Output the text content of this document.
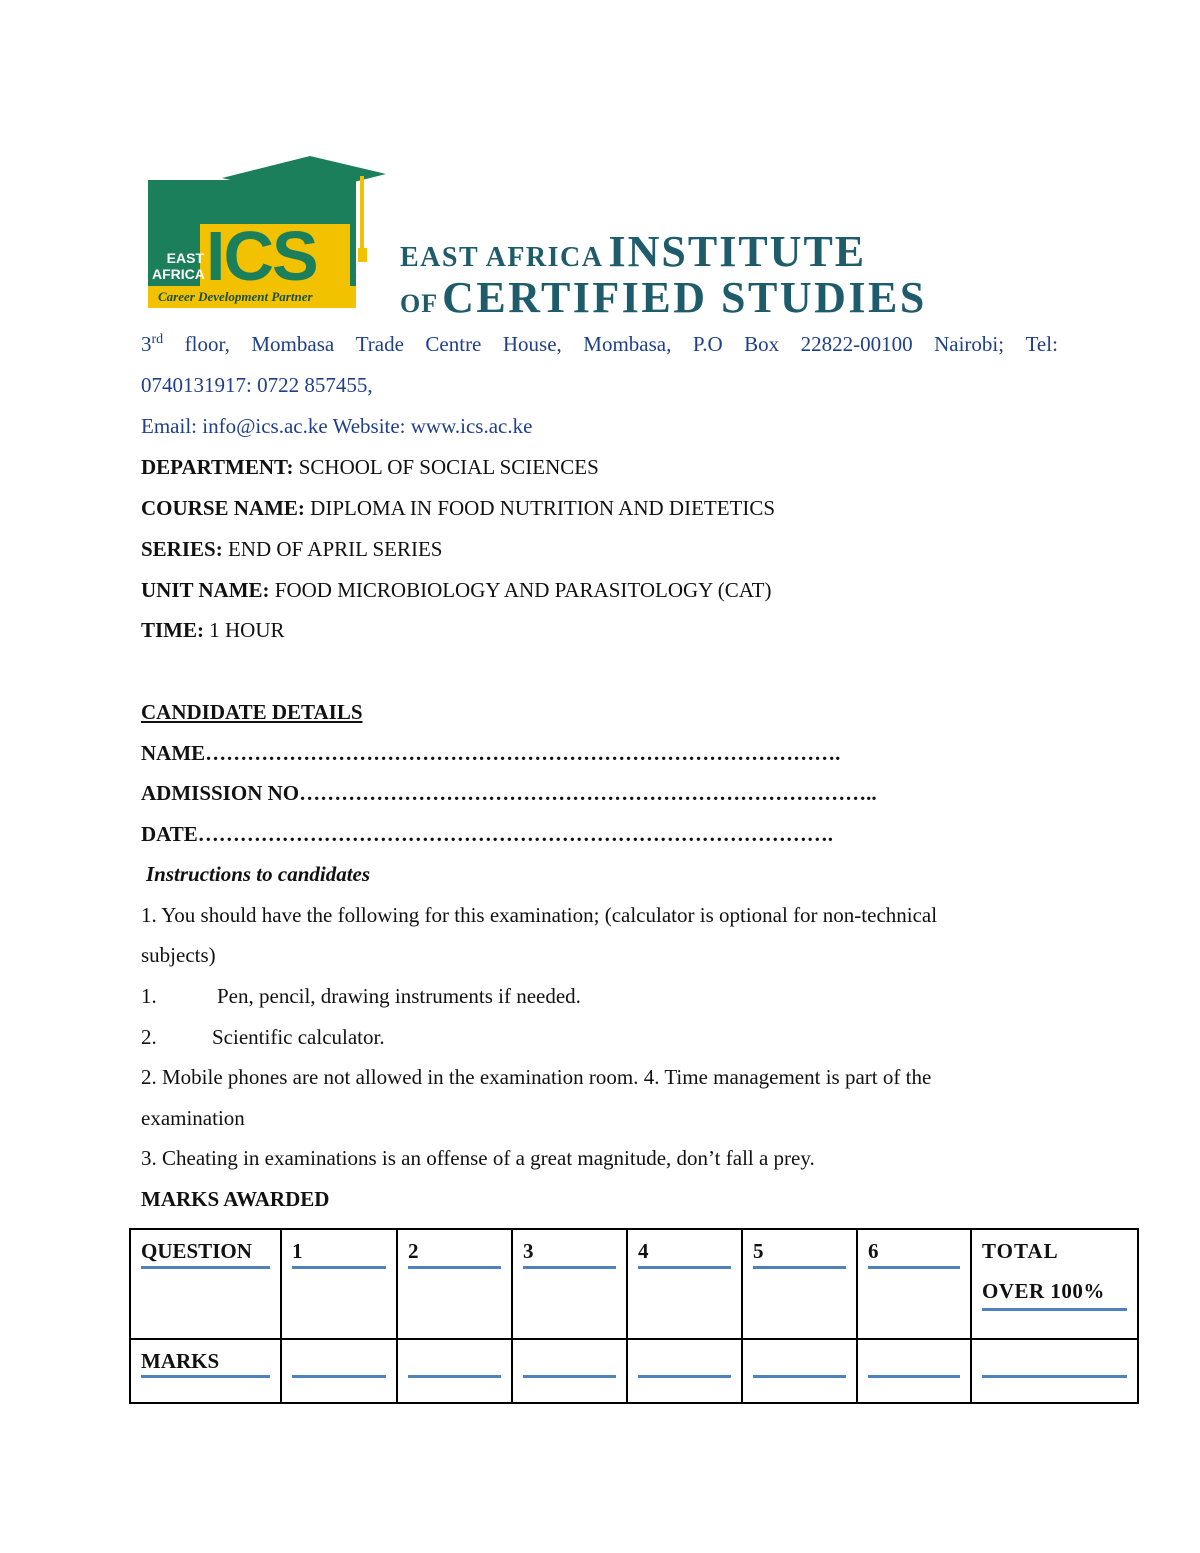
EAST
AFRICA ICS
Career Development Partner
EAST AFRICA INSTITUTE
OF CERTIFIED STUDIES
3rd floor, Mombasa Trade Centre House, Mombasa, P.O Box 22822-00100 Nairobi; Tel:
0740131917: 0722 857455,
Email: info@ics.ac.ke Website: www.ics.ac.ke
DEPARTMENT: SCHOOL OF SOCIAL SCIENCES
COURSE NAME: DIPLOMA IN FOOD NUTRITION AND DIETETICS
SERIES: END OF APRIL SERIES
UNIT NAME: FOOD MICROBIOLOGY AND PARASITOLOGY (CAT)
TIME: 1 HOUR
CANDIDATE DETAILS
NAME……………………………………………………………………………….
ADMISSION NO………………………………………………………………………..
DATE……………………………………………………………………………….
Instructions to candidates
1. You should have the following for this examination; (calculator is optional for non-technical
subjects)
1.	Pen, pencil, drawing instruments if needed.
2.	Scientific calculator.
2. Mobile phones are not allowed in the examination room. 4. Time management is part of the
examination
3. Cheating in examinations is an offense of a great magnitude, don’t fall a prey.
MARKS AWARDED
QUESTION	1	2	3	4	5	6	TOTAL
OVER 100%

MARKS							
